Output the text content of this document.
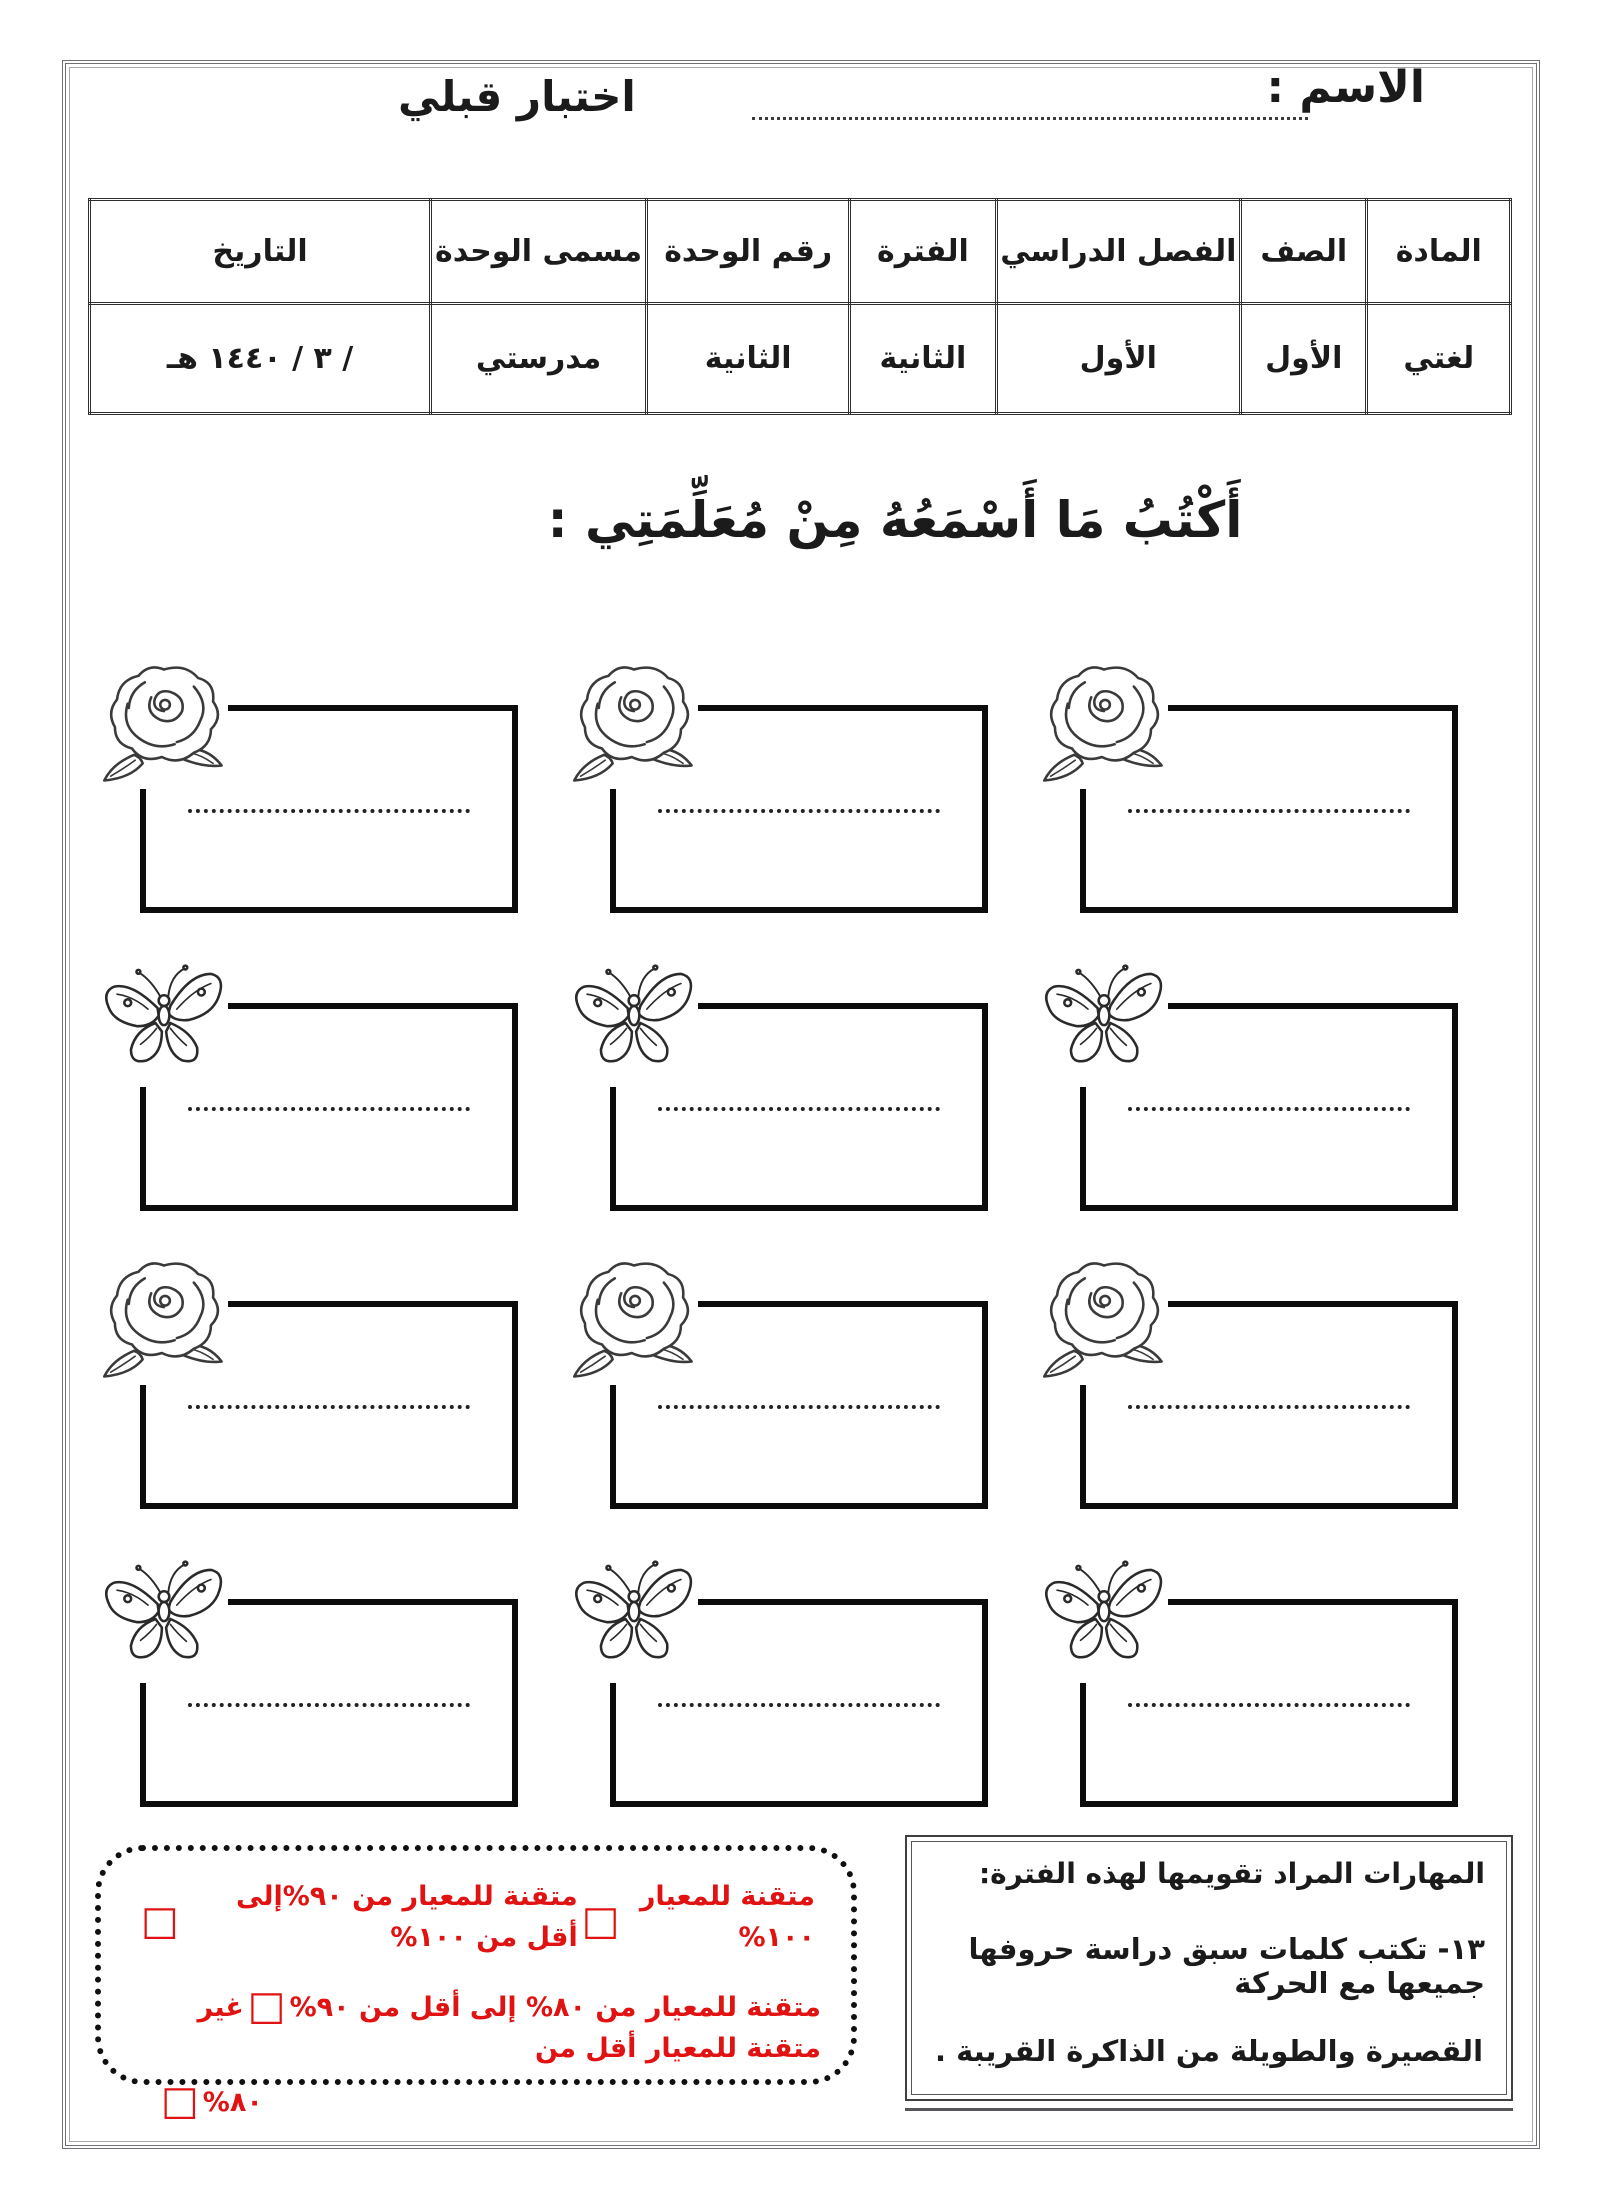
الاسم :
اختبار قبلي
المادة	الصف	الفصل الدراسي	الفترة	رقم الوحدة	مسمى الوحدة	التاريخ
لغتي	الأول	الأول	الثانية	الثانية	مدرستي	/ ٣ / ١٤٤٠ هـ
أَكْتُبُ مَا أَسْمَعُهُ مِنْ مُعَلِّمَتِي :
متقنة للمعيار ١٠٠%
□
متقنة للمعيار من ٩٠%إلى أقل من ١٠٠%
□
متقنة للمعيار من ٨٠% إلى أقل من ٩٠%□غير متقنة للمعيار أقل من
٨٠%□
المهارات المراد تقويمها لهذه الفترة:
١٣- تكتب كلمات سبق دراسة حروفها جميعها مع الحركة
القصيرة والطويلة من الذاكرة القريبة .
